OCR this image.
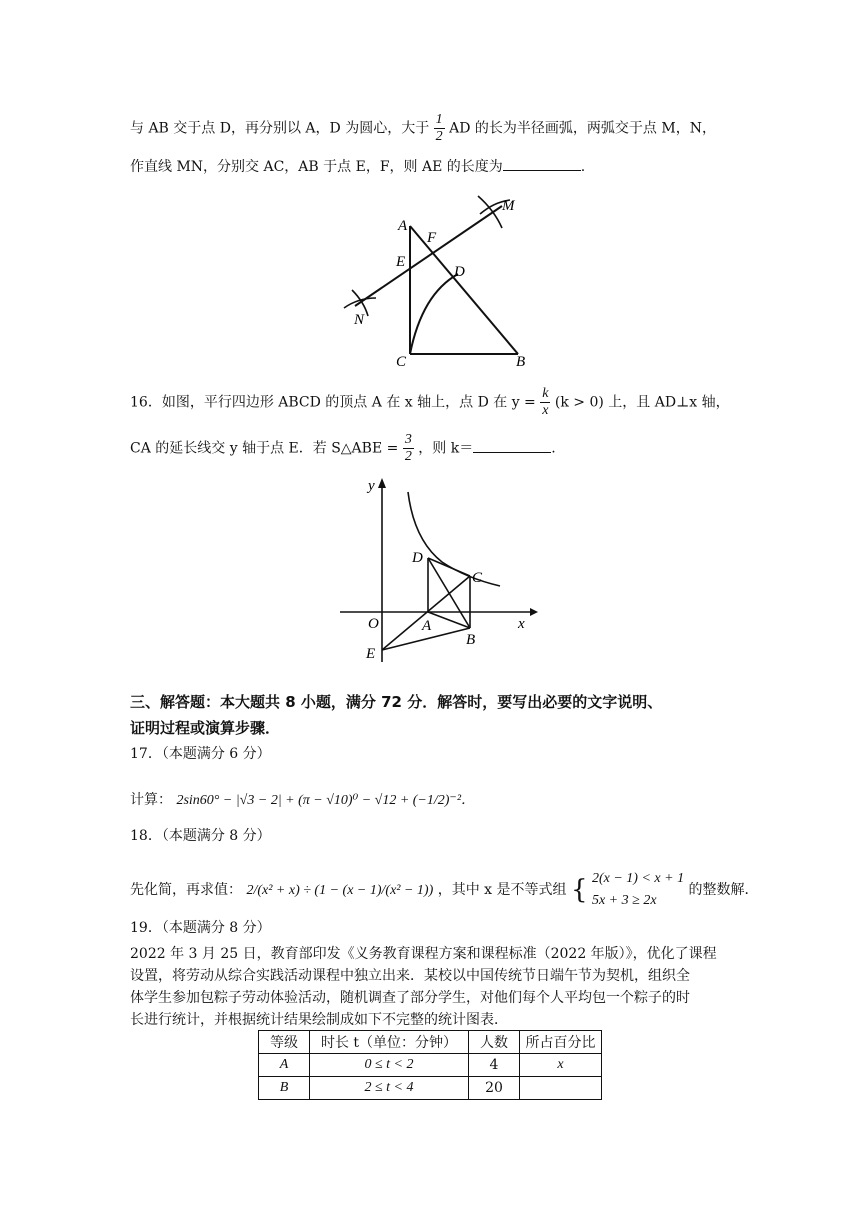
与 AB 交于点 D，再分别以 A，D 为圆心，大于 $\frac{1}{2}$ AD 的长为半径画弧，两弧交于点 M，N，
作直线 MN，分别交 AC，AB 于点 E，F，则 AE 的长度为	.
A
F
M
E
D
N
C	B
16．如图，平行四边形 ABCD 的顶点 A 在 x 轴上，点 D 在 $y = \frac{k}{x} (k > 0)$ 上，且 AD⊥x 轴，
CA 的延长线交 y 轴于点 E．若 S△ABE = $\frac{3}{2}$ ，则 k＝	.
y
D
C
O	A
B
x
E
三、解答题：本大题共 8 小题，满分 72 分．解答时，要写出必要的文字说明、
证明过程或演算步骤．
17．（本题满分 6 分）
计算： 2sin60° − |√3 − 2| + (π − √10)⁰ − √12 + (−1/2)⁻²．
18．（本题满分 8 分）
先化简，再求值： 2/(x² + x) ÷ (1 − (x − 1)/(x² − 1)) ，其中 x 是不等式组 { 2(x − 1) < x + 1
5x + 3 ≥ 2x
的整数解．
19．（本题满分 8 分）
2022 年 3 月 25 日，教育部印发《义务教育课程方案和课程标准（2022 年版）》，优化了课程
设置，将劳动从综合实践活动课程中独立出来．某校以中国传统节日端午节为契机，组织全
体学生参加包粽子劳动体验活动，随机调查了部分学生，对他们每个人平均包一个粽子的时
长进行统计，并根据统计结果绘制成如下不完整的统计图表．
等级	时长 t（单位：分钟）	人数	所占百分比
A	0 ≤ t < 2	4	x
B	2 ≤ t < 4	20	
